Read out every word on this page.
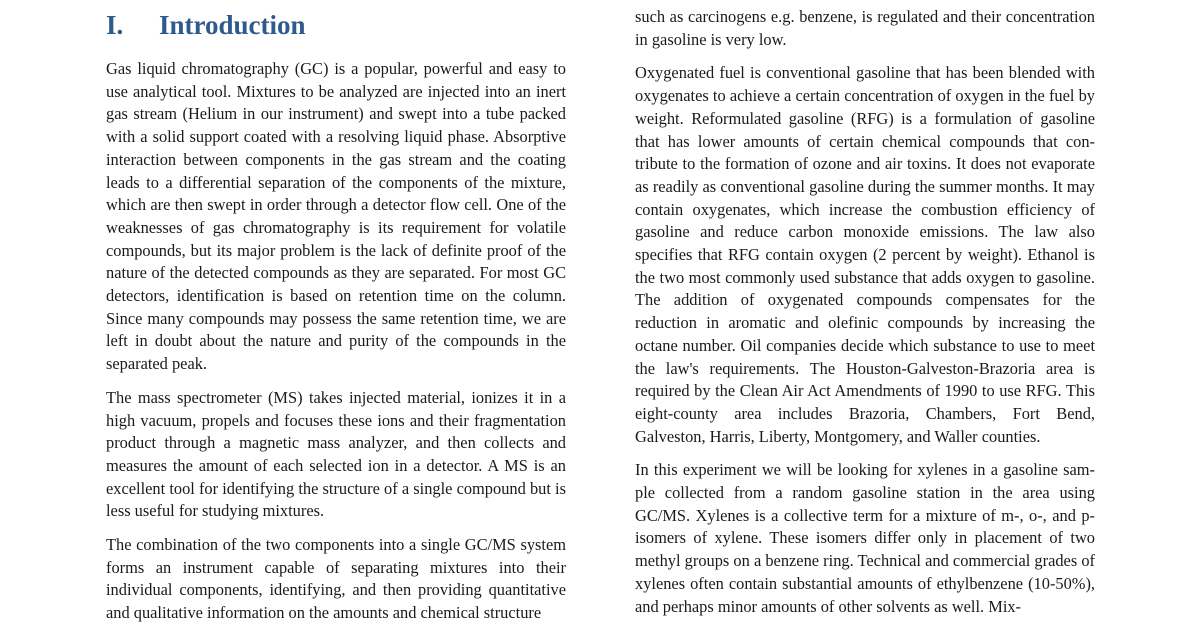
I. Introduction

Gas liquid chromatography (GC) is a popular, powerful and easy to use analytical tool. Mixtures to be analyzed are injected into an inert gas stream (Helium in our instrument) and swept into a tube packed with a solid support coated with a resolving liquid phase. Absorptive interaction between components in the gas stream and the coating leads to a differential separation of the components of the mixture, which are then swept in order through a detector flow cell. One of the weaknesses of gas chromatography is its requirement for volatile compounds, but its major problem is the lack of definite proof of the nature of the detected compounds as they are separated. For most GC detectors, identification is based on retention time on the column. Since many compounds may possess the same retention time, we are left in doubt about the nature and purity of the compounds in the separated peak.

The mass spectrometer (MS) takes injected material, ionizes it in a high vacuum, propels and focuses these ions and their fragmentation product through a magnetic mass analyzer, and then collects and measures the amount of each selected ion in a detector. A MS is an excellent tool for identifying the structure of a single compound but is less useful for studying mixtures.

The combination of the two components into a single GC/MS system forms an instrument capable of separating mixtures into their individual components, identifying, and then providing quantitative and qualitative information on the amounts and chemical structure

such as carcinogens e.g. benzene, is regulated and their concentration in gasoline is very low.

Oxygenated fuel is conventional gasoline that has been blended with oxygenates to achieve a certain concentration of oxygen in the fuel by weight. Reformulated gasoline (RFG) is a formulation of gasoline that has lower amounts of certain chemical compounds that contribute to the formation of ozone and air toxins. It does not evaporate as readily as conventional gasoline during the summer months. It may contain oxygenates, which increase the combustion efficiency of gasoline and reduce carbon monoxide emissions. The law also specifies that RFG contain oxygen (2 percent by weight). Ethanol is the two most commonly used substance that adds oxygen to gasoline. The addition of oxygenated compounds compensates for the reduction in aromatic and olefinic compounds by increasing the octane number. Oil companies decide which substance to use to meet the law's requirements. The Houston-Galveston-Brazoria area is required by the Clean Air Act Amendments of 1990 to use RFG. This eight-county area includes Brazoria, Chambers, Fort Bend, Galveston, Harris, Liberty, Montgomery, and Waller counties.

In this experiment we will be looking for xylenes in a gasoline sample collected from a random gasoline station in the area using GC/MS. Xylenes is a collective term for a mixture of m-, o-, and p-isomers of xylene. These isomers differ only in placement of two methyl groups on a benzene ring. Technical and commercial grades of xylenes often contain substantial amounts of ethylbenzene (10-50%), and perhaps minor amounts of other solvents as well. Mix-
